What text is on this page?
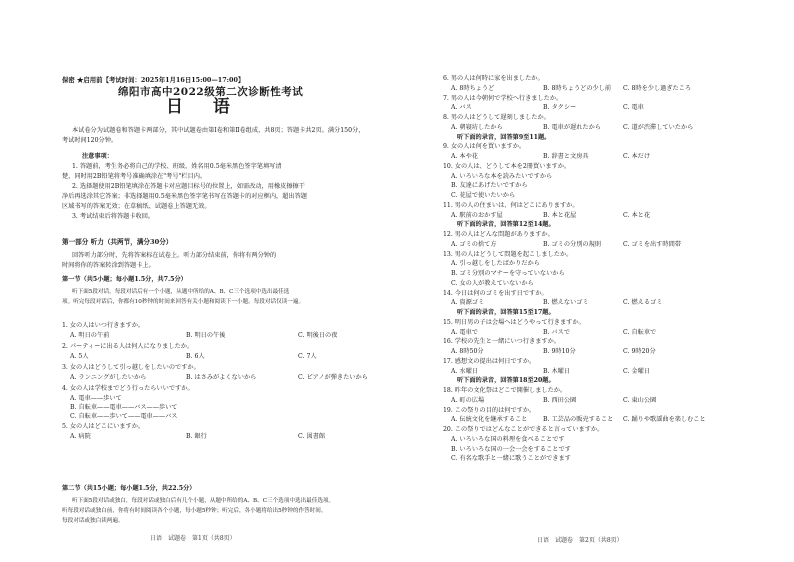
保密 ★启用前【考试时间：2025年1月16日15:00—17:00】
绵阳市高中2022级第二次诊断性考试
日 语
本试卷分为试题卷和答题卡两部分，其中试题卷由第Ⅰ卷和第Ⅱ卷组成，共8页；答题卡共2页。满分150分，
考试时间120分钟。
注意事项：
1. 答题前，考生务必将自己的学校、班级、姓名用0.5毫米黑色签字笔填写清
楚，同时用2B铅笔将考号准确填涂在"考号"栏目内。
2. 选择题使用2B铅笔填涂在答题卡对应题目标号的位置上，如需改动，用橡皮擦擦干
净后再选涂其它答案；非选择题用0.5毫米黑色签字笔书写在答题卡的对应框内，超出答题
区域书写的答案无效；在草稿纸、试题卷上答题无效。
3. 考试结束后将答题卡收回。
第一部分 听力（共两节，满分30分）
回答听力部分时，先将答案标在试卷上。听力部分结束前，你将有两分钟的
时间将你的答案转涂到答题卡上。
第一节（共5小题；每小题1.5分，共7.5分）
听下面5段对话，每段对话后有一个小题，从题中所给的A、B、C三个选项中选出最佳选
项。听完每段对话后，你都有10秒钟的时间来回答有关小题和阅读下一小题。每段对话仅读一遍。
1. 女の人はいつ行きますか。
A. 明日の午前	B. 明日の午後	C. 明後日の夜
2. パーティーに出る人は何人になりましたか。
A. 5人	B. 6人	C. 7人
3. 女の人はどうして引っ越しをしたいのですか。
A. ランニングがしたいから	B. はさみがよくないから	C. ピアノが弾きたいから
4. 女の人は学校までどう行ったらいいですか。
A. 電車——歩いて
B. 自転車——電車——バス——歩いて
C. 自転車——歩いて——電車——バス
5. 女の人はどこにいますか。
A. 病院	B. 銀行	C. 図書館
第二节（共15小题；每小题1.5分，共22.5分）
听下面5段对话或独白，每段对话或独白后有几个小题，从题中所给的A、B、C三个选项中选出最佳选项。
听每段对话或独白前，你将有时间阅读各个小题，每小题5秒钟；听完后，各小题将给出5秒钟的作答时间。
每段对话或独白读两遍。
日语　试题卷　第1页（共8页）
6. 男の人は何時に家を出ましたか。
A. 8時ちょうど	B. 8時ちょうどの少し前 C. 8時を少し過ぎたころ
7. 男の人は今朝何で学校へ行きましたか。
A. バス	B. タクシー	C. 電車
8. 男の人はどうして遅刻しましたか。
A. 朝寝坊したから	B. 電車が遅れたから	C. 道が渋滞していたから
听下面的录音，回答第9至11题。
9. 女の人は何を買いますか。
A. 本や花	B. 辞書と文房具	C. 本だけ
10. 女の人は、どうして本を2冊買いますか。
A. いろいろな本を読みたいですから
B. 友達にあげたいですから
C. 花屋で使いたいから
11. 男の人の住まいは、何はどこにありますか。
A. 駅前のおかす屋	B. 本と花屋	C. 本と花
听下面的录音，回答第12至14题。
12. 男の人はどんな問題がありますか。
A. ゴミの捨て方	B. ゴミの分別の規則	C. ゴミを出す時間帯
13. 男の人はどうして問題を起こしましたか。
A. 引っ越しをしたばかりだから
B. ゴミ分別のマナーを守っていないから
C. 女の人が教えていないから
14. 今日は何のゴミを出す日ですか。
A. 資源ゴミ	B. 燃えないゴミ	C. 燃えるゴミ
听下面的录音，回答第15至17题。
15. 明日男の子は会場へはどうやって行きますか。
A. 電車で	B. バスで	C. 自転車で
16. 学校の先生と一緒にいつ行きますか。
A. 8時50分	B. 9時10分	C. 9時20分
17. 感想文の提出は何日ですか。
A. 水曜日	B. 木曜日	C. 金曜日
听下面的录音，回答第18至20题。
18. 昨年の文化祭はどこで開催しましたか。
A. 町の広場	B. 西田公園	C. 東山公園
19. この祭りの目的は何ですか。
A. 伝統文化を継承すること	B. 工芸品の販売すること C. 踊りや歌謡曲を楽しむこと
20. この祭りではどんなことができると言っていますか。
A. いろいろな国の料理を食べることです
B. いろいろな国の一会一会をすることです
C. 有名な歌手と一緒に歌うことができます
日语　试题卷　第2页（共8页）
